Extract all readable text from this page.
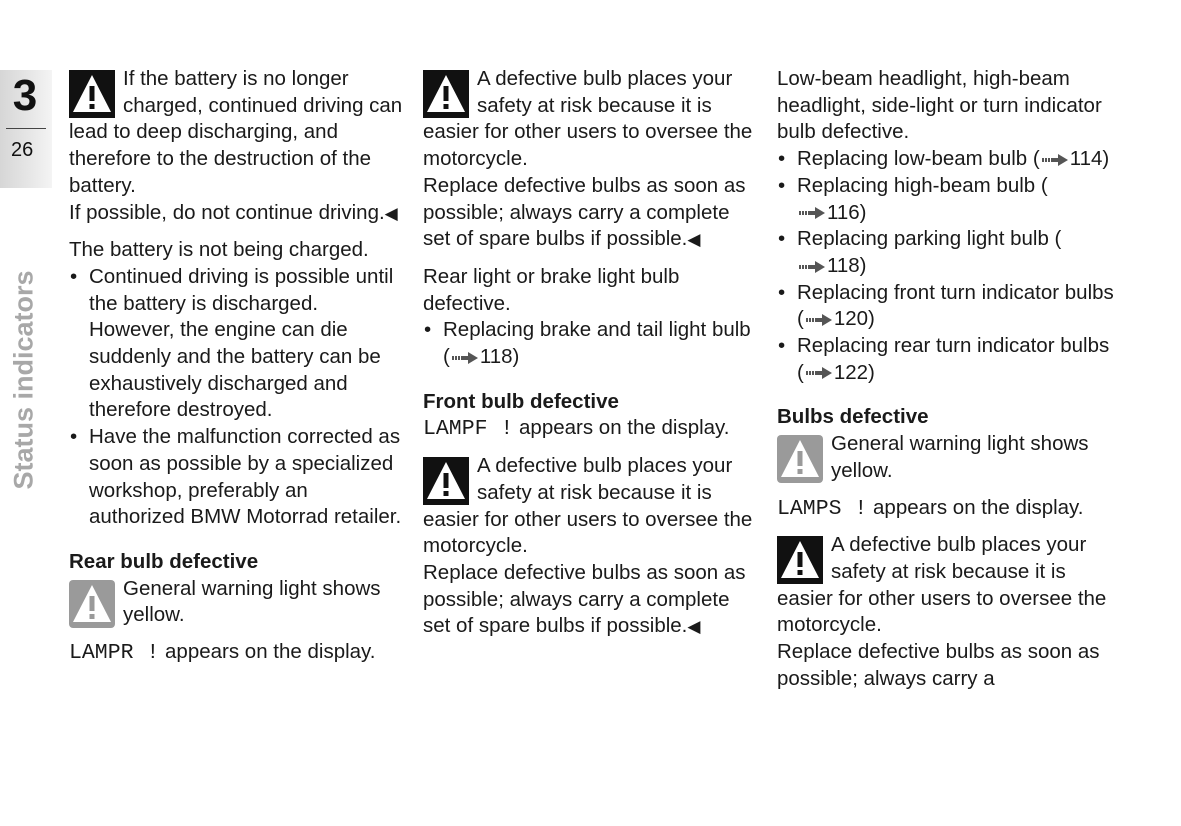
3
26
Status indicators

If the battery is no longer charged, continued driving can lead to deep discharging, and therefore to the destruction of the battery.

If possible, do not continue driving.◀

The battery is not being charged.

• Continued driving is possible until the battery is discharged. However, the engine can die suddenly and the battery can be exhaustively discharged and therefore destroyed.
• Have the malfunction corrected as soon as possible by a specialized workshop, preferably an authorized BMW Motorrad retailer.

Rear bulb defective

General warning light shows yellow.

LAMPR ! appears on the display.

A defective bulb places your safety at risk because it is easier for other users to oversee the motorcycle.

Replace defective bulbs as soon as possible; always carry a complete set of spare bulbs if possible.◀

Rear light or brake light bulb defective.

• Replacing brake and tail light bulb ( 118)

Front bulb defective

LAMPF ! appears on the display.

A defective bulb places your safety at risk because it is easier for other users to oversee the motorcycle.

Replace defective bulbs as soon as possible; always carry a complete set of spare bulbs if possible.◀

Low-beam headlight, high-beam headlight, side-light or turn indicator bulb defective.

• Replacing low-beam bulb ( 114)
• Replacing high-beam bulb (116)
• Replacing parking light bulb (118)
• Replacing front turn indicator bulbs ( 120)
• Replacing rear turn indicator bulbs ( 122)

Bulbs defective

General warning light shows yellow.

LAMPS ! appears on the display.

A defective bulb places your safety at risk because it is easier for other users to oversee the motorcycle.

Replace defective bulbs as soon as possible; always carry a
